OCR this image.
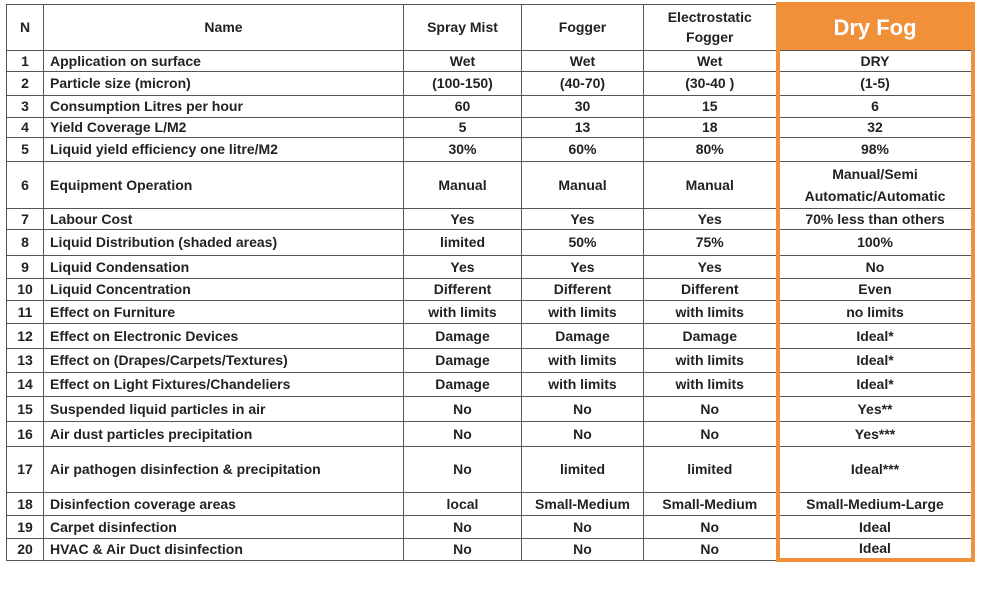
N	Name	Spray Mist	Fogger	Electrostatic Fogger	Dry Fog
1	Application on surface	Wet	Wet	Wet	DRY
2	Particle size (micron)	(100-150)	(40-70)	(30-40 )	(1-5)
3	Consumption Litres per hour	60	30	15	6
4	Yield Coverage L/M2	5	13	18	32
5	Liquid yield efficiency one litre/M2	30%	60%	80%	98%
6	Equipment Operation	Manual	Manual	Manual	Manual/Semi Automatic/Automatic
7	Labour Cost	Yes	Yes	Yes	70% less than others
8	Liquid Distribution (shaded areas)	limited	50%	75%	100%
9	Liquid Condensation	Yes	Yes	Yes	No
10	Liquid Concentration	Different	Different	Different	Even
11	Effect on Furniture	with limits	with limits	with limits	no limits
12	Effect on Electronic Devices	Damage	Damage	Damage	Ideal*
13	Effect on (Drapes/Carpets/Textures)	Damage	with limits	with limits	Ideal*
14	Effect on Light Fixtures/Chandeliers	Damage	with limits	with limits	Ideal*
15	Suspended liquid particles in air	No	No	No	Yes**
16	Air dust particles precipitation	No	No	No	Yes***
17	Air pathogen disinfection & precipitation	No	limited	limited	Ideal***
18	Disinfection coverage areas	local	Small-Medium	Small-Medium	Small-Medium-Large
19	Carpet disinfection	No	No	No	Ideal
20	HVAC & Air Duct disinfection	No	No	No	Ideal
